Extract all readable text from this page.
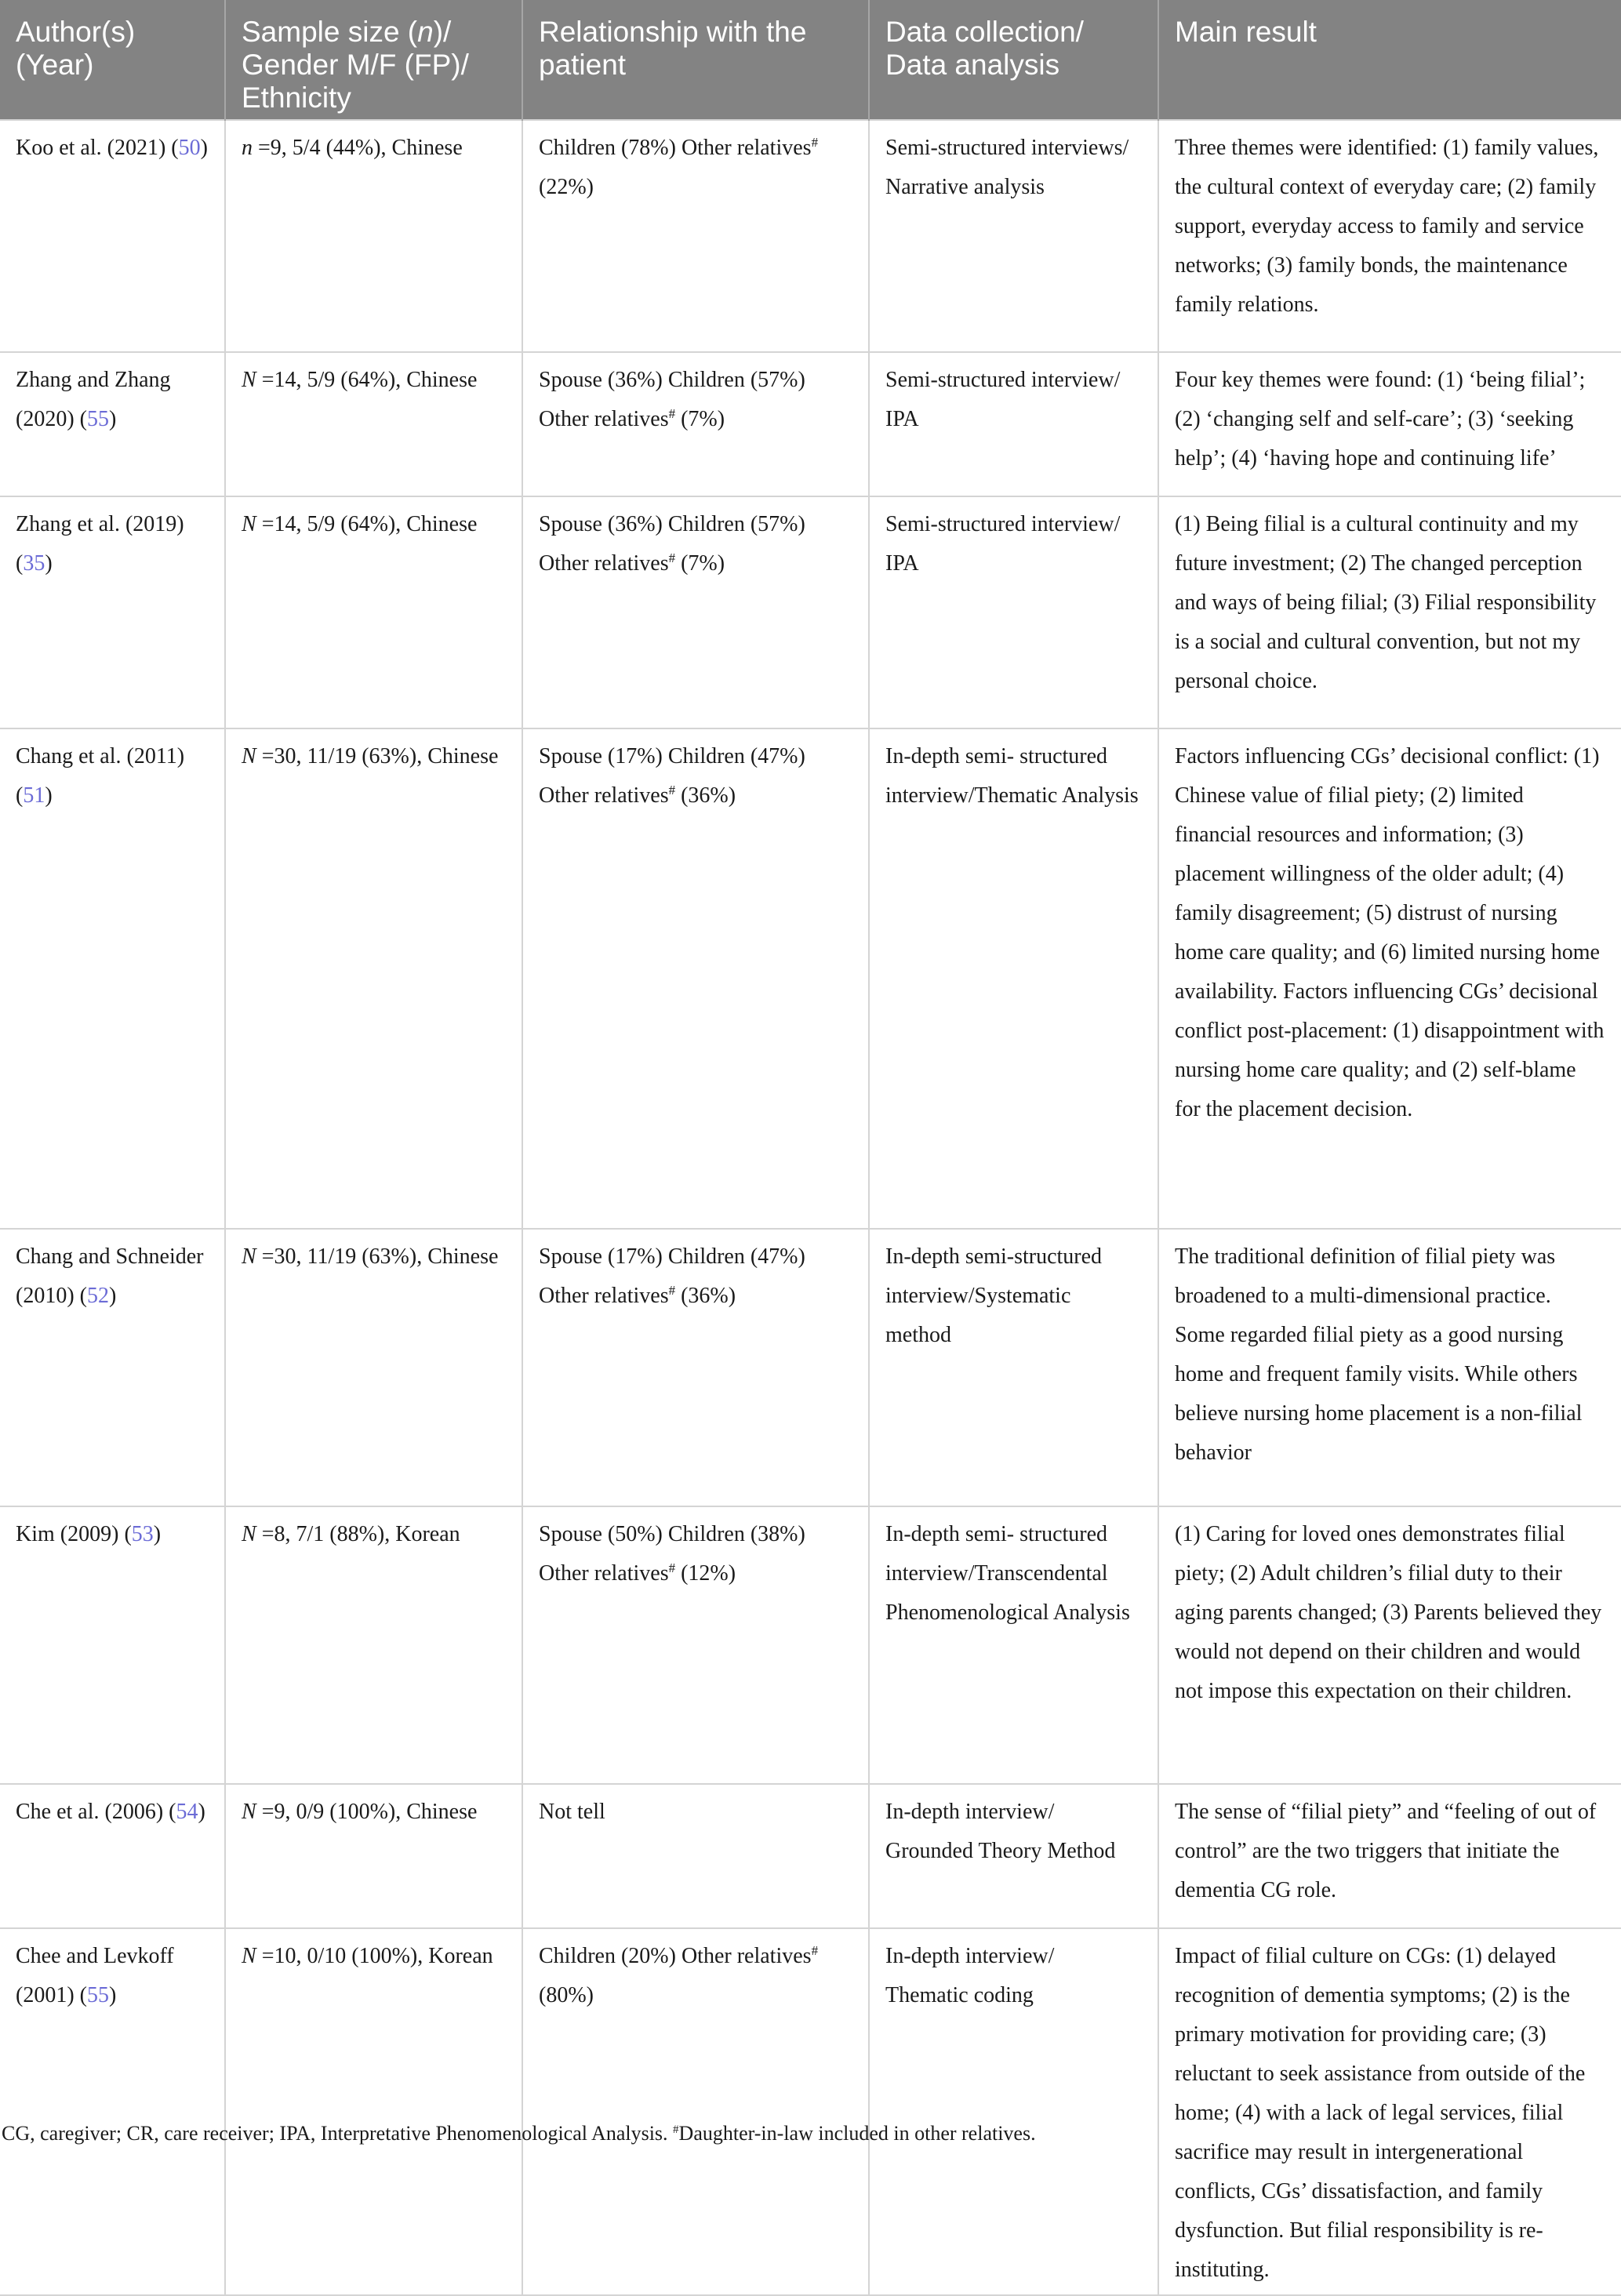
Author(s) (Year)	Sample size (n)/ Gender M/F (FP)/ Ethnicity	Relationship with the patient	Data collection/ Data analysis	Main result
Koo et al. (2021) (50)	n =9, 5/4 (44%), Chinese	Children (78%) Other relatives# (22%)	Semi-structured interviews/ Narrative analysis	Three themes were identified: (1) family values, the cultural context of everyday care; (2) family support, everyday access to family and service networks; (3) family bonds, the maintenance family relations.
Zhang and Zhang (2020) (55)	N =14, 5/9 (64%), Chinese	Spouse (36%) Children (57%) Other relatives# (7%)	Semi-structured interview/ IPA	Four key themes were found: (1) ‘being filial’; (2) ‘changing self and self-care’; (3) ‘seeking help’; (4) ‘having hope and continuing life’
Zhang et al. (2019) (35)	N =14, 5/9 (64%), Chinese	Spouse (36%) Children (57%) Other relatives# (7%)	Semi-structured interview/ IPA	(1) Being filial is a cultural continuity and my future investment; (2) The changed perception and ways of being filial; (3) Filial responsibility is a social and cultural convention, but not my personal choice.
Chang et al. (2011) (51)	N =30, 11/19 (63%), Chinese	Spouse (17%) Children (47%) Other relatives# (36%)	In-depth semi- structured interview/Thematic Analysis	Factors influencing CGs’ decisional conflict: (1) Chinese value of filial piety; (2) limited financial resources and information; (3) placement willingness of the older adult; (4) family disagreement; (5) distrust of nursing home care quality; and (6) limited nursing home availability. Factors influencing CGs’ decisional conflict post-placement: (1) disappointment with nursing home care quality; and (2) self-blame for the placement decision.
Chang and Schneider (2010) (52)	N =30, 11/19 (63%), Chinese	Spouse (17%) Children (47%) Other relatives# (36%)	In-depth semi-structured interview/Systematic method	The traditional definition of filial piety was broadened to a multi-dimensional practice. Some regarded filial piety as a good nursing home and frequent family visits. While others believe nursing home placement is a non-filial behavior
Kim (2009) (53)	N =8, 7/1 (88%), Korean	Spouse (50%) Children (38%) Other relatives# (12%)	In-depth semi- structured interview/Transcendental Phenomenological Analysis	(1) Caring for loved ones demonstrates filial piety; (2) Adult children’s filial duty to their aging parents changed; (3) Parents believed they would not depend on their children and would not impose this expectation on their children.
Che et al. (2006) (54)	N =9, 0/9 (100%), Chinese	Not tell	In-depth interview/ Grounded Theory Method	The sense of “filial piety” and “feeling of out of control” are the two triggers that initiate the dementia CG role.
Chee and Levkoff (2001) (55)	N =10, 0/10 (100%), Korean	Children (20%) Other relatives# (80%)	In-depth interview/ Thematic coding	Impact of filial culture on CGs: (1) delayed recognition of dementia symptoms; (2) is the primary motivation for providing care; (3) reluctant to seek assistance from outside of the home; (4) with a lack of legal services, filial sacrifice may result in intergenerational conflicts, CGs’ dissatisfaction, and family dysfunction. But filial responsibility is re-instituting.
CG, caregiver; CR, care receiver; IPA, Interpretative Phenomenological Analysis. #Daughter-in-law included in other relatives.
